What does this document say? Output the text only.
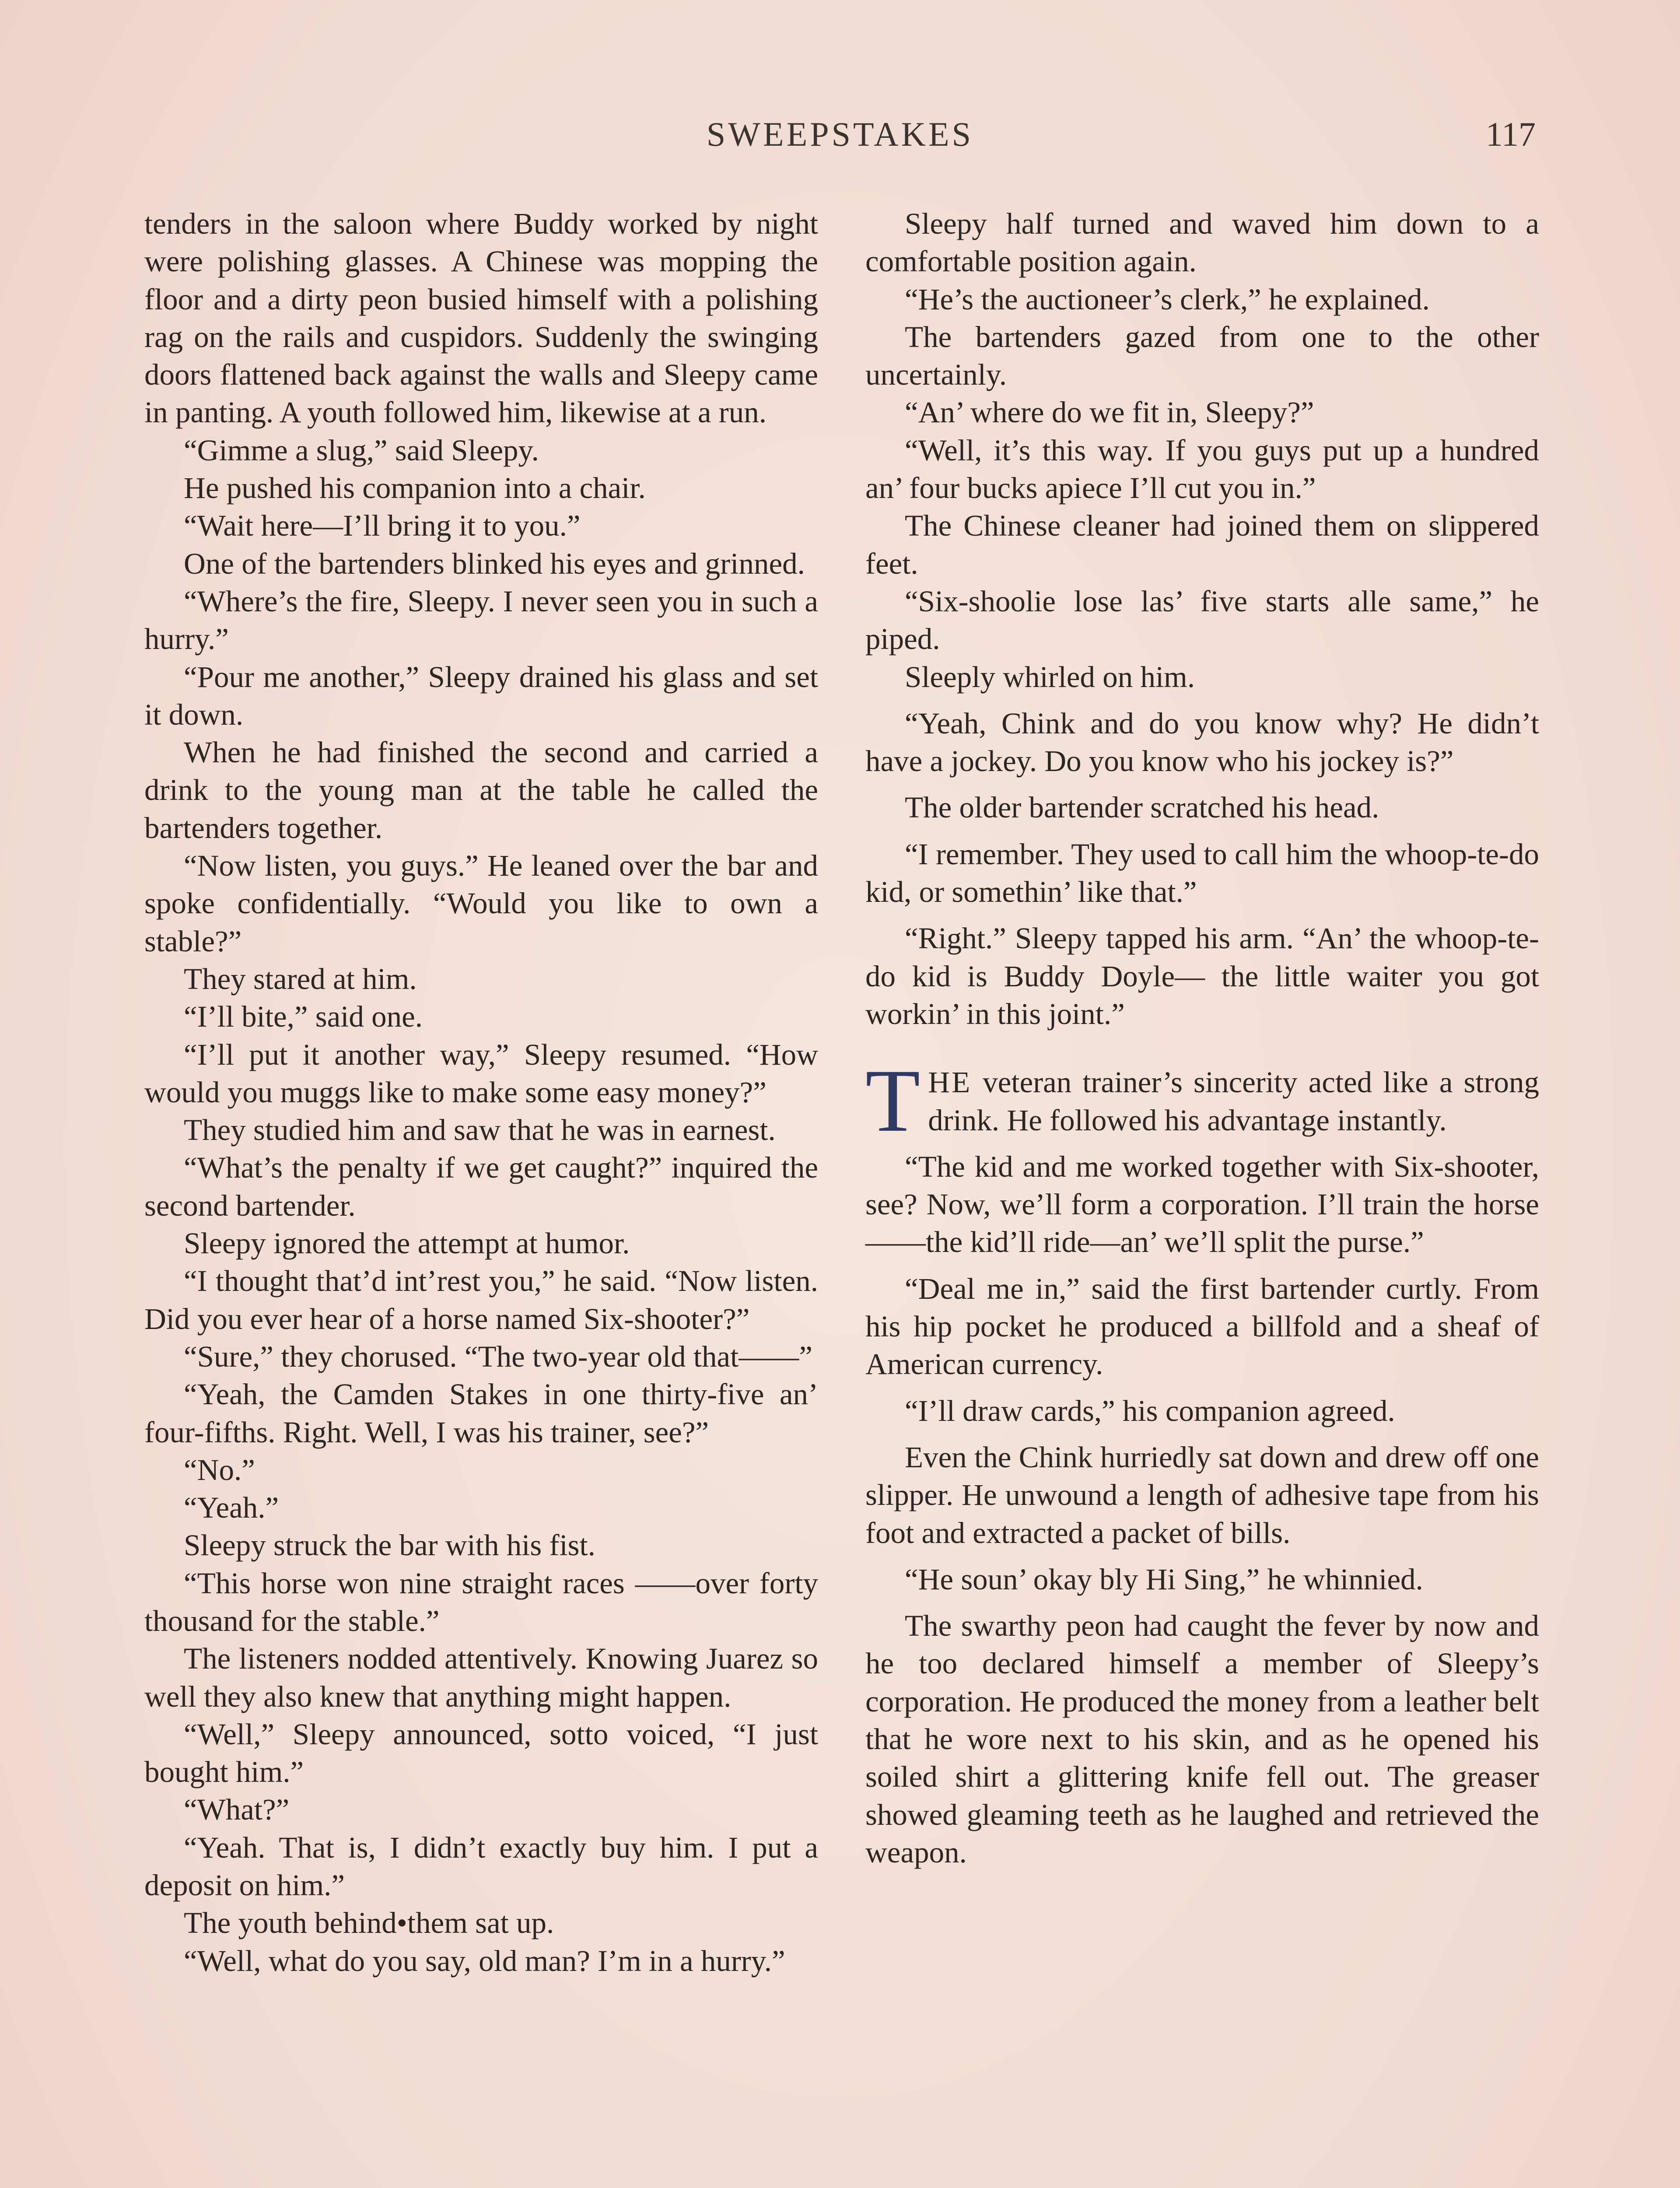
SWEEPSTAKES	117

tenders in the saloon where Buddy worked by night were polishing glasses. A Chinese was mopping the floor and a dirty peon busied himself with a polishing rag on the rails and cuspidors. Suddenly the swinging doors flattened back against the walls and Sleepy came in panting. A youth followed him, likewise at a run.

“Gimme a slug,” said Sleepy.

He pushed his companion into a chair.

“Wait here—I’ll bring it to you.”

One of the bartenders blinked his eyes and grinned.

“Where’s the fire, Sleepy. I never seen you in such a hurry.”

“Pour me another,” Sleepy drained his glass and set it down.

When he had finished the second and carried a drink to the young man at the table he called the bartenders together.

“Now listen, you guys.” He leaned over the bar and spoke confidentially. “Would you like to own a stable?”

They stared at him.

“I’ll bite,” said one.

“I’ll put it another way,” Sleepy resumed. “How would you muggs like to make some easy money?”

They studied him and saw that he was in earnest.

“What’s the penalty if we get caught?” inquired the second bartender.

Sleepy ignored the attempt at humor.

“I thought that’d int’rest you,” he said. “Now listen. Did you ever hear of a horse named Six-shooter?”

“Sure,” they chorused. “The two-year old that——”

“Yeah, the Camden Stakes in one thirty-five an’ four-fifths. Right. Well, I was his trainer, see?”

“No.”

“Yeah.”

Sleepy struck the bar with his fist.

“This horse won nine straight races ——over forty thousand for the stable.”

The listeners nodded attentively. Knowing Juarez so well they also knew that anything might happen.

“Well,” Sleepy announced, sotto voiced, “I just bought him.”

“What?”

“Yeah. That is, I didn’t exactly buy him. I put a deposit on him.”

The youth behind•them sat up.

“Well, what do you say, old man? I’m in a hurry.”

Sleepy half turned and waved him down to a comfortable position again.

“He’s the auctioneer’s clerk,” he explained.

The bartenders gazed from one to the other uncertainly.

“An’ where do we fit in, Sleepy?”

“Well, it’s this way. If you guys put up a hundred an’ four bucks apiece I’ll cut you in.”

The Chinese cleaner had joined them on slippered feet.

“Six-shoolie lose las’ five starts alle same,” he piped.

Sleeply whirled on him.

“Yeah, Chink and do you know why? He didn’t have a jockey. Do you know who his jockey is?”

The older bartender scratched his head.

“I remember. They used to call him the whoop-te-do kid, or somethin’ like that.”

“Right.” Sleepy tapped his arm. “An’ the whoop-te-do kid is Buddy Doyle— the little waiter you got workin’ in this joint.”

THE veteran trainer’s sincerity acted like a strong drink. He followed his advantage instantly.

“The kid and me worked together with Six-shooter, see? Now, we’ll form a corporation. I’ll train the horse ——the kid’ll ride—an’ we’ll split the purse.”

“Deal me in,” said the first bartender curtly. From his hip pocket he produced a billfold and a sheaf of American currency.

“I’ll draw cards,” his companion agreed.

Even the Chink hurriedly sat down and drew off one slipper. He unwound a length of adhesive tape from his foot and extracted a packet of bills.

“He soun’ okay bly Hi Sing,” he whinnied.

The swarthy peon had caught the fever by now and he too declared himself a member of Sleepy’s corporation. He produced the money from a leather belt that he wore next to his skin, and as he opened his soiled shirt a glittering knife fell out. The greaser showed gleaming teeth as he laughed and retrieved the weapon.
